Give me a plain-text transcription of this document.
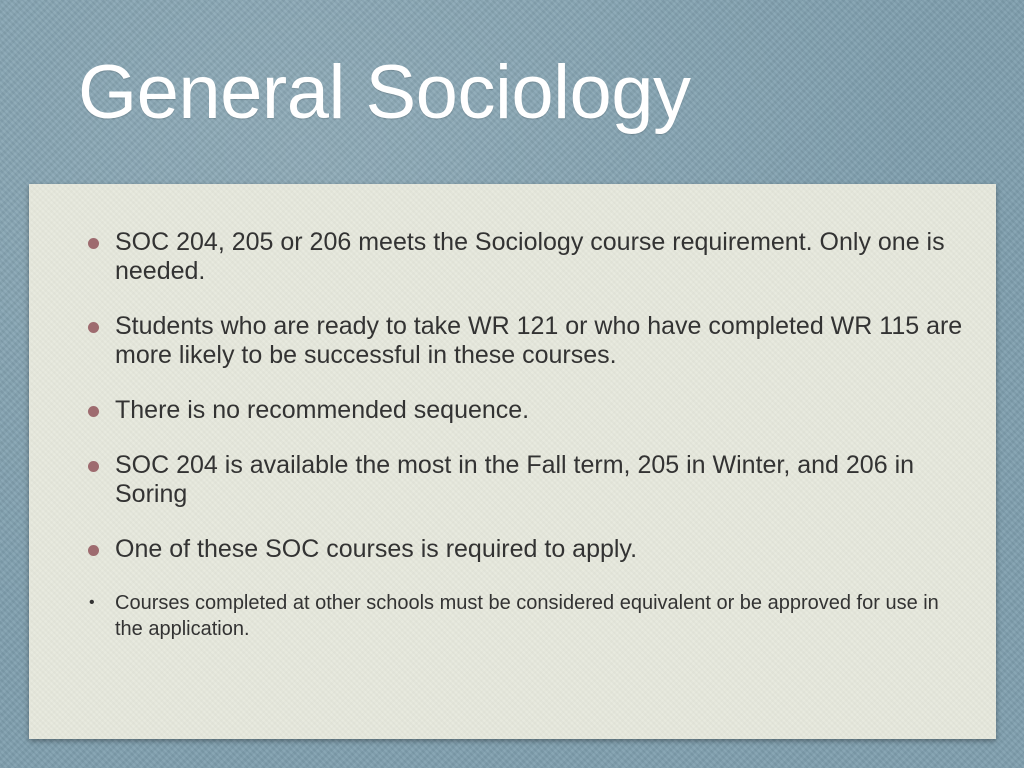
General Sociology
SOC 204, 205 or 206 meets the Sociology course requirement. Only one is needed.
Students who are ready to take WR 121 or who have completed WR 115 are more likely to be successful in these courses.
There is no recommended sequence.
SOC 204 is available the most in the Fall term, 205 in Winter, and 206 in Soring
One of these SOC courses is required to apply.
• Courses completed at other schools must be considered equivalent or be approved for use in the application.
